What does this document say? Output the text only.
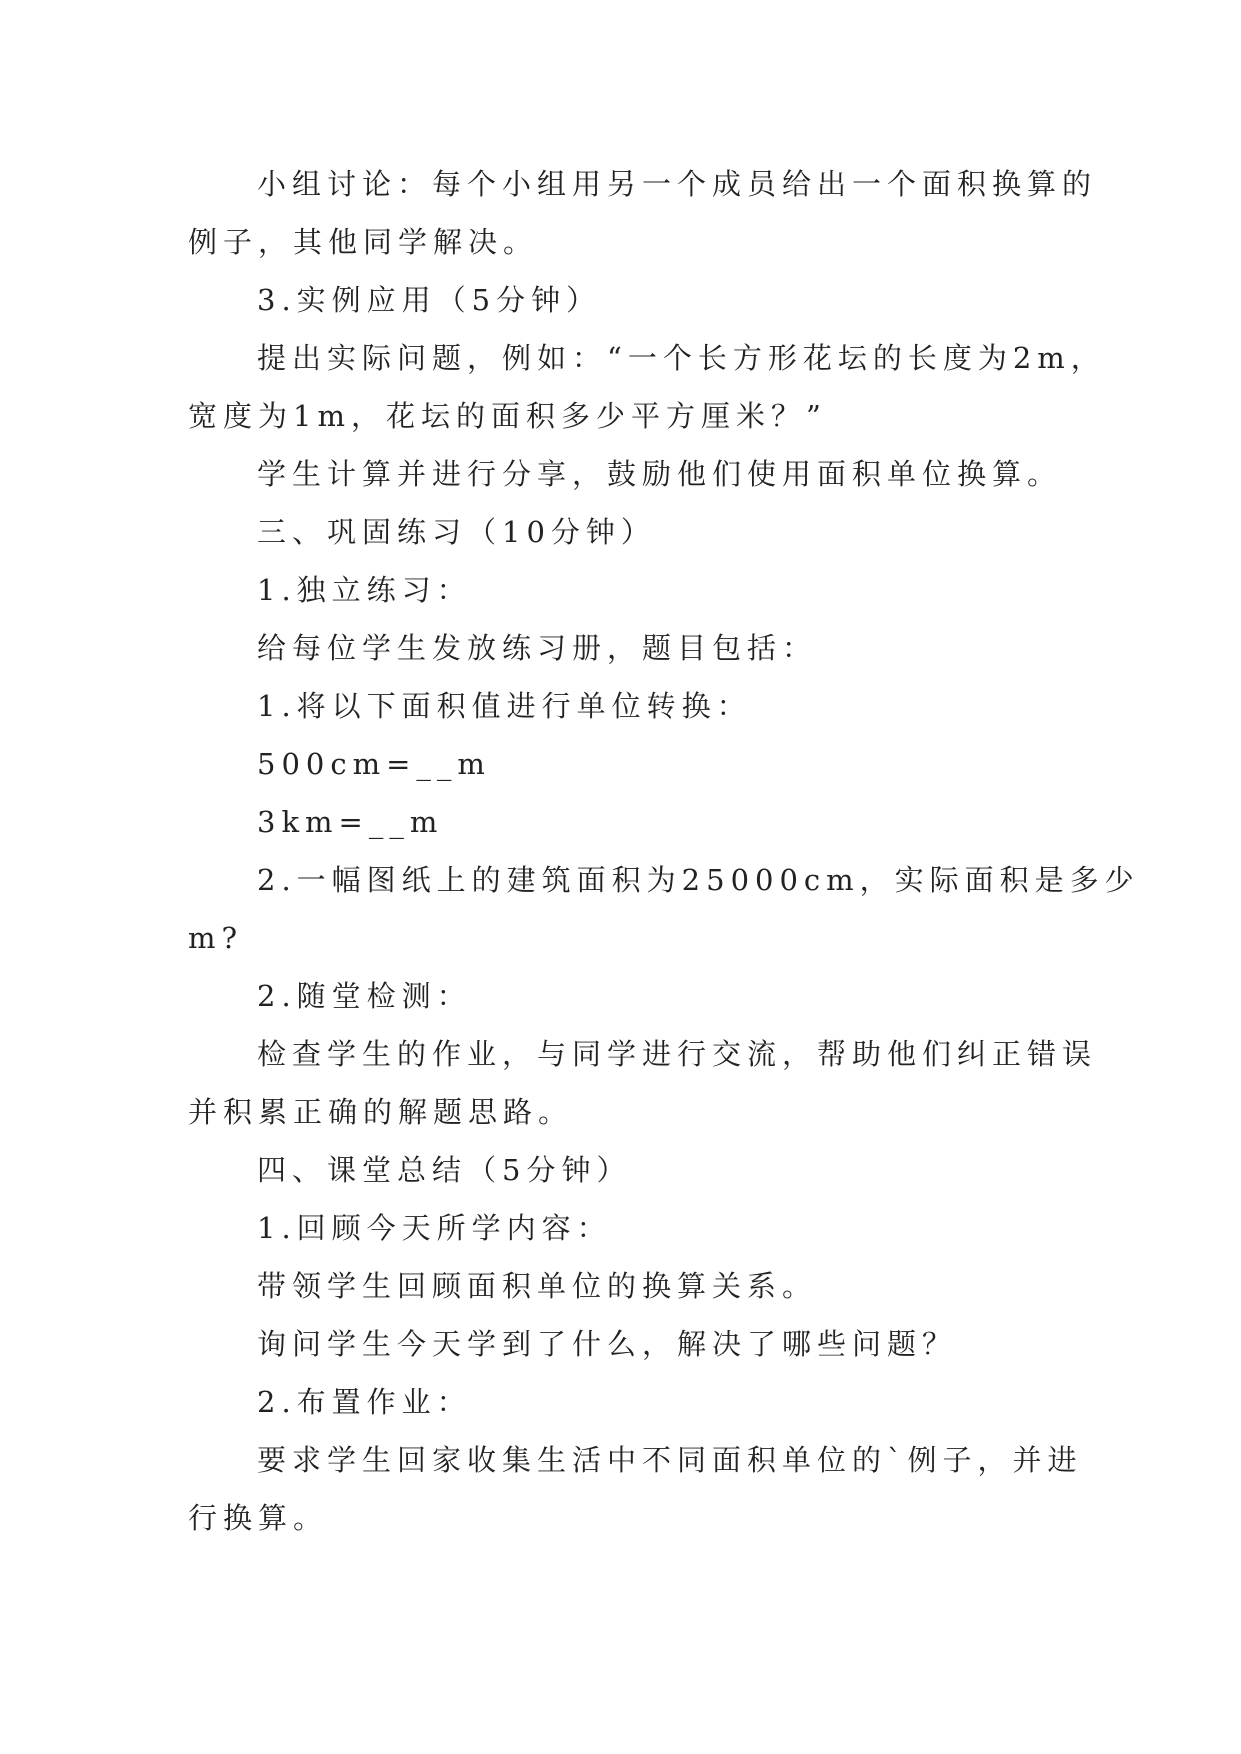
小组讨论：每个小组用另一个成员给出一个面积换算的
例子，其他同学解决。
3.实例应用（5分钟）
提出实际问题，例如：“一个长方形花坛的长度为2m，
宽度为1m，花坛的面积多少平方厘米？”
学生计算并进行分享，鼓励他们使用面积单位换算。
三、巩固练习（10分钟）
1.独立练习：
给每位学生发放练习册，题目包括：
1.将以下面积值进行单位转换：
500cm=__m
3km=__m
2.一幅图纸上的建筑面积为25000cm，实际面积是多少
m?
2.随堂检测：
检查学生的作业，与同学进行交流，帮助他们纠正错误
并积累正确的解题思路。
四、课堂总结（5分钟）
1.回顾今天所学内容：
带领学生回顾面积单位的换算关系。
询问学生今天学到了什么，解决了哪些问题？
2.布置作业：
要求学生回家收集生活中不同面积单位的`例子，并进
行换算。
